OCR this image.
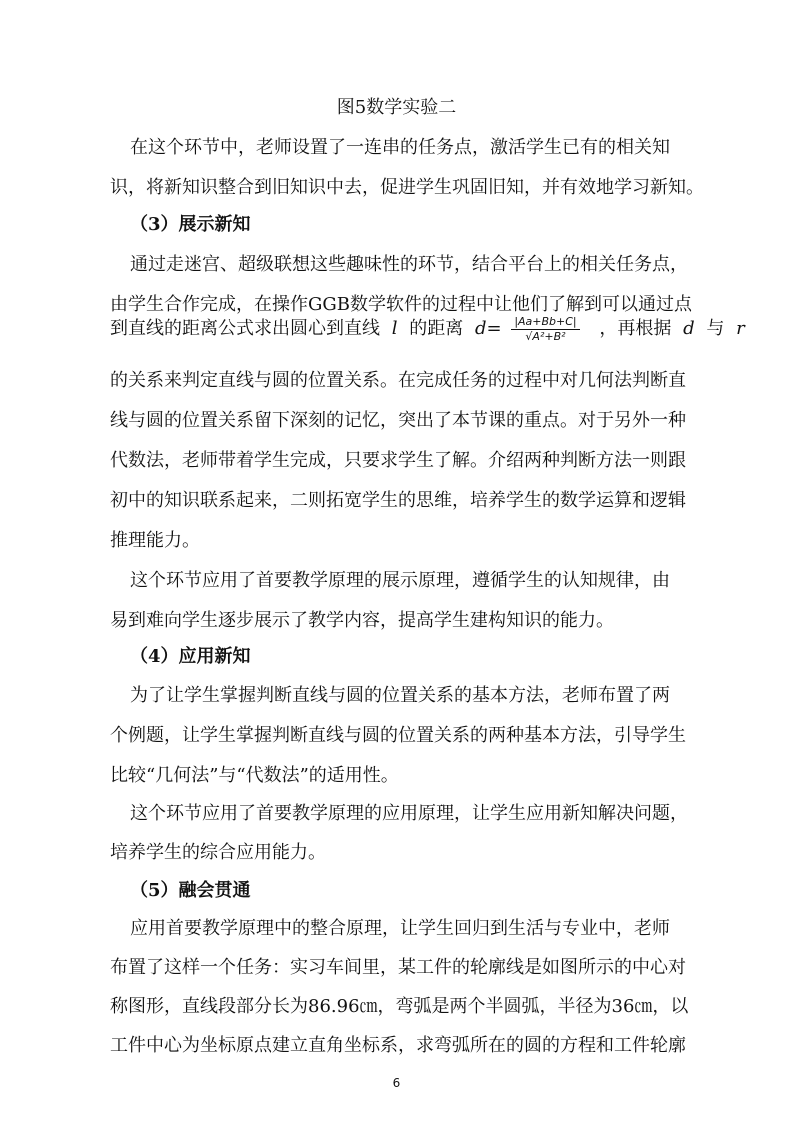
图5数学实验二
在这个环节中，老师设置了一连串的任务点，激活学生已有的相关知
识，将新知识整合到旧知识中去，促进学生巩固旧知，并有效地学习新知。
（3）展示新知
通过走迷宫、超级联想这些趣味性的环节，结合平台上的相关任务点，
由学生合作完成，在操作GGB数学软件的过程中让他们了解到可以通过点
到直线的距离公式求出圆心到直线 l 的距离 $d= \frac{|Aa+Bb+C|}{\text{√A²+B²}}$ ，再根据 d 与 r
的关系来判定直线与圆的位置关系。在完成任务的过程中对几何法判断直
线与圆的位置关系留下深刻的记忆，突出了本节课的重点。对于另外一种
代数法，老师带着学生完成，只要求学生了解。介绍两种判断方法一则跟
初中的知识联系起来，二则拓宽学生的思维，培养学生的数学运算和逻辑
推理能力。
这个环节应用了首要教学原理的展示原理，遵循学生的认知规律，由
易到难向学生逐步展示了教学内容，提高学生建构知识的能力。
（4）应用新知
为了让学生掌握判断直线与圆的位置关系的基本方法，老师布置了两
个例题，让学生掌握判断直线与圆的位置关系的两种基本方法，引导学生
比较“几何法”与“代数法”的适用性。
这个环节应用了首要教学原理的应用原理，让学生应用新知解决问题，
培养学生的综合应用能力。
（5）融会贯通
应用首要教学原理中的整合原理，让学生回归到生活与专业中，老师
布置了这样一个任务：实习车间里，某工件的轮廓线是如图所示的中心对
称图形，直线段部分长为86.96㎝，弯弧是两个半圆弧，半径为36㎝，以
工件中心为坐标原点建立直角坐标系，求弯弧所在的圆的方程和工件轮廓
6
